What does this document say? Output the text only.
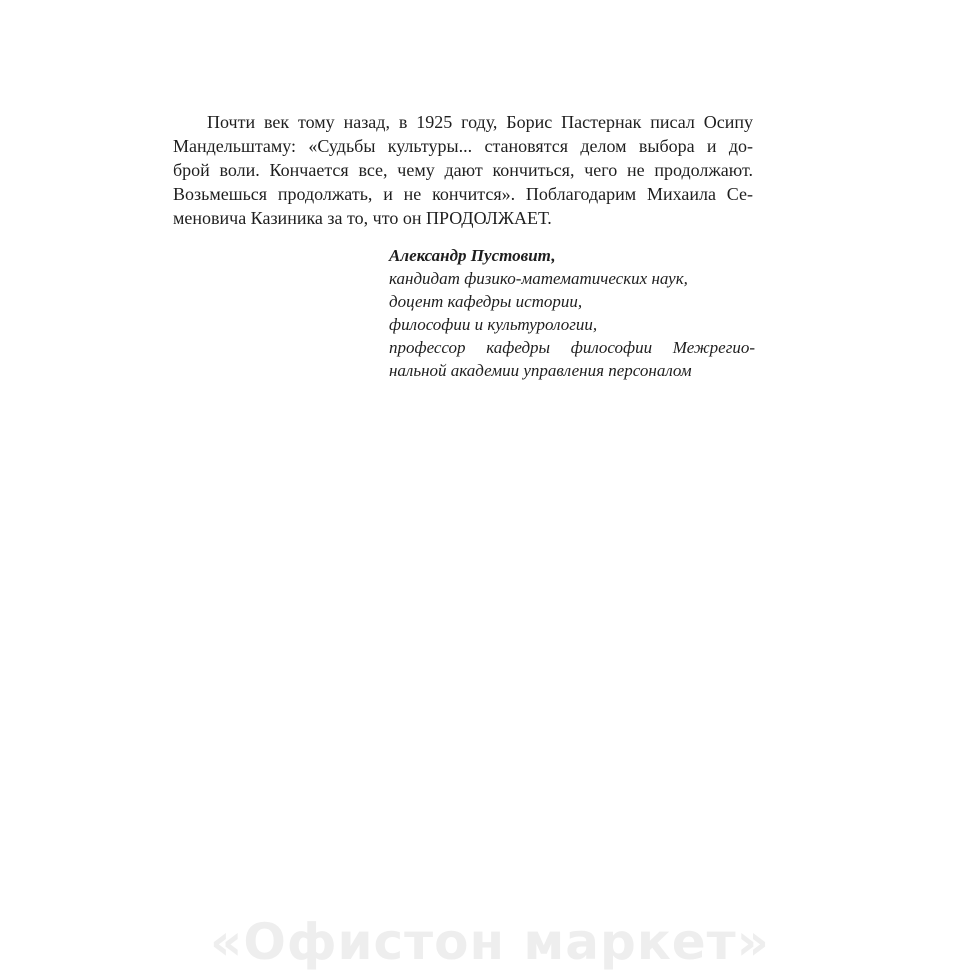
Почти век тому назад, в 1925 году, Борис Пастернак писал Осипу
Мандельштаму: «Судьбы культуры... становятся делом выбора и до-
брой воли. Кончается все, чему дают кончиться, чего не продолжают.
Возьмешься продолжать, и не кончится». Поблагодарим Михаила Се-
меновича Казиника за то, что он ПРОДОЛЖАЕТ.
Александр Пустовит,
кандидат физико-математических наук,
доцент кафедры истории,
философии и культурологии,
профессор кафедры философии Межрегио-
нальной академии управления персоналом
«Офистон маркет»
